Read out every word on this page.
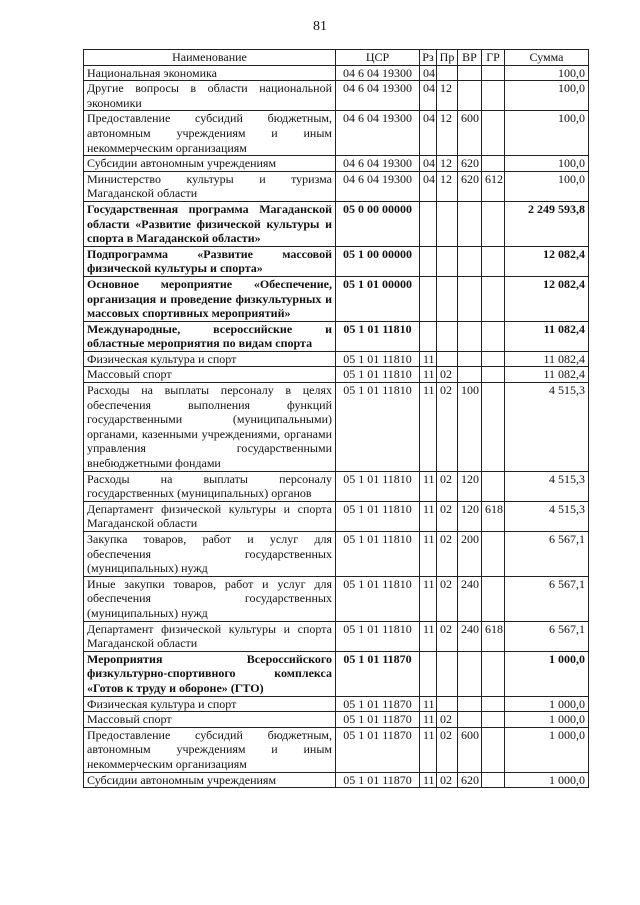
81
Наименование	ЦСР	Рз	Пр	ВР	ГР	Сумма
Национальная экономика	04 6 04 19300	04				100,0
Другие вопросы в области национальной экономики	04 6 04 19300	04	12			100,0
Предоставление субсидий бюджетным, автономным учреждениям и иным некоммерческим организациям	04 6 04 19300	04	12	600		100,0
Субсидии автономным учреждениям	04 6 04 19300	04	12	620		100,0
Министерство культуры и туризма Магаданской области	04 6 04 19300	04	12	620	612	100,0
Государственная программа Магаданской области «Развитие физической культуры и спорта в Магаданской области»	05 0 00 00000					2 249 593,8
Подпрограмма «Развитие массовой физической культуры и спорта»	05 1 00 00000					12 082,4
Основное мероприятие «Обеспечение, организация и проведение физкультурных и массовых спортивных мероприятий»	05 1 01 00000					12 082,4
Международные, всероссийские и областные мероприятия по видам спорта	05 1 01 11810					11 082,4
Физическая культура и спорт	05 1 01 11810	11				11 082,4
Массовый спорт	05 1 01 11810	11	02			11 082,4
Расходы на выплаты персоналу в целях обеспечения выполнения функций государственными (муниципальными) органами, казенными учреждениями, органами управления государственными внебюджетными фондами	05 1 01 11810	11	02	100		4 515,3
Расходы на выплаты персоналу государственных (муниципальных) органов	05 1 01 11810	11	02	120		4 515,3
Департамент физической культуры и спорта Магаданской области	05 1 01 11810	11	02	120	618	4 515,3
Закупка товаров, работ и услуг для обеспечения государственных (муниципальных) нужд	05 1 01 11810	11	02	200		6 567,1
Иные закупки товаров, работ и услуг для обеспечения государственных (муниципальных) нужд	05 1 01 11810	11	02	240		6 567,1
Департамент физической культуры и спорта Магаданской области	05 1 01 11810	11	02	240	618	6 567,1
Мероприятия Всероссийского физкультурно-спортивного комплекса «Готов к труду и обороне» (ГТО)	05 1 01 11870					1 000,0
Физическая культура и спорт	05 1 01 11870	11				1 000,0
Массовый спорт	05 1 01 11870	11	02			1 000,0
Предоставление субсидий бюджетным, автономным учреждениям и иным некоммерческим организациям	05 1 01 11870	11	02	600		1 000,0
Субсидии автономным учреждениям	05 1 01 11870	11	02	620		1 000,0
